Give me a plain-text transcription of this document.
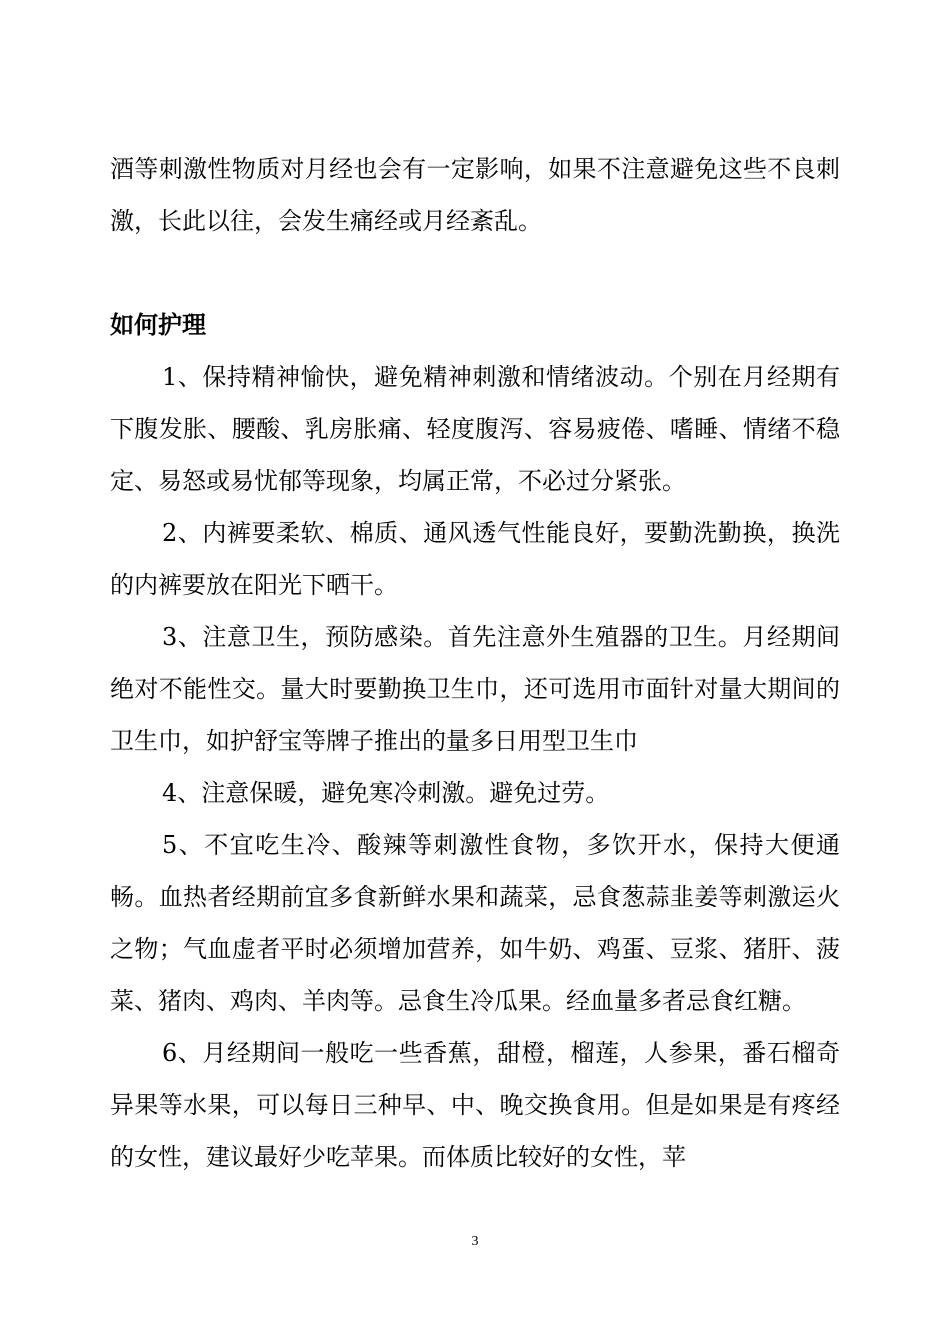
酒等刺激性物质对月经也会有一定影响，如果不注意避免这些不良刺激，长此以往，会发生痛经或月经紊乱。

如何护理

1、保持精神愉快，避免精神刺激和情绪波动。个别在月经期有下腹发胀、腰酸、乳房胀痛、轻度腹泻、容易疲倦、嗜睡、情绪不稳定、易怒或易忧郁等现象，均属正常，不必过分紧张。

2、内裤要柔软、棉质、通风透气性能良好，要勤洗勤换，换洗的内裤要放在阳光下晒干。

3、注意卫生，预防感染。首先注意外生殖器的卫生。月经期间绝对不能性交。量大时要勤换卫生巾，还可选用市面针对量大期间的卫生巾，如护舒宝等牌子推出的量多日用型卫生巾

4、注意保暖，避免寒冷刺激。避免过劳。

5、不宜吃生冷、酸辣等刺激性食物，多饮开水，保持大便通畅。血热者经期前宜多食新鲜水果和蔬菜，忌食葱蒜韭姜等刺激运火之物；气血虚者平时必须增加营养，如牛奶、鸡蛋、豆浆、猪肝、菠菜、猪肉、鸡肉、羊肉等。忌食生冷瓜果。经血量多者忌食红糖。

6、月经期间一般吃一些香蕉，甜橙，榴莲，人参果，番石榴奇异果等水果，可以每日三种早、中、晚交换食用。但是如果是有疼经的女性，建议最好少吃苹果。而体质比较好的女性，苹

3
